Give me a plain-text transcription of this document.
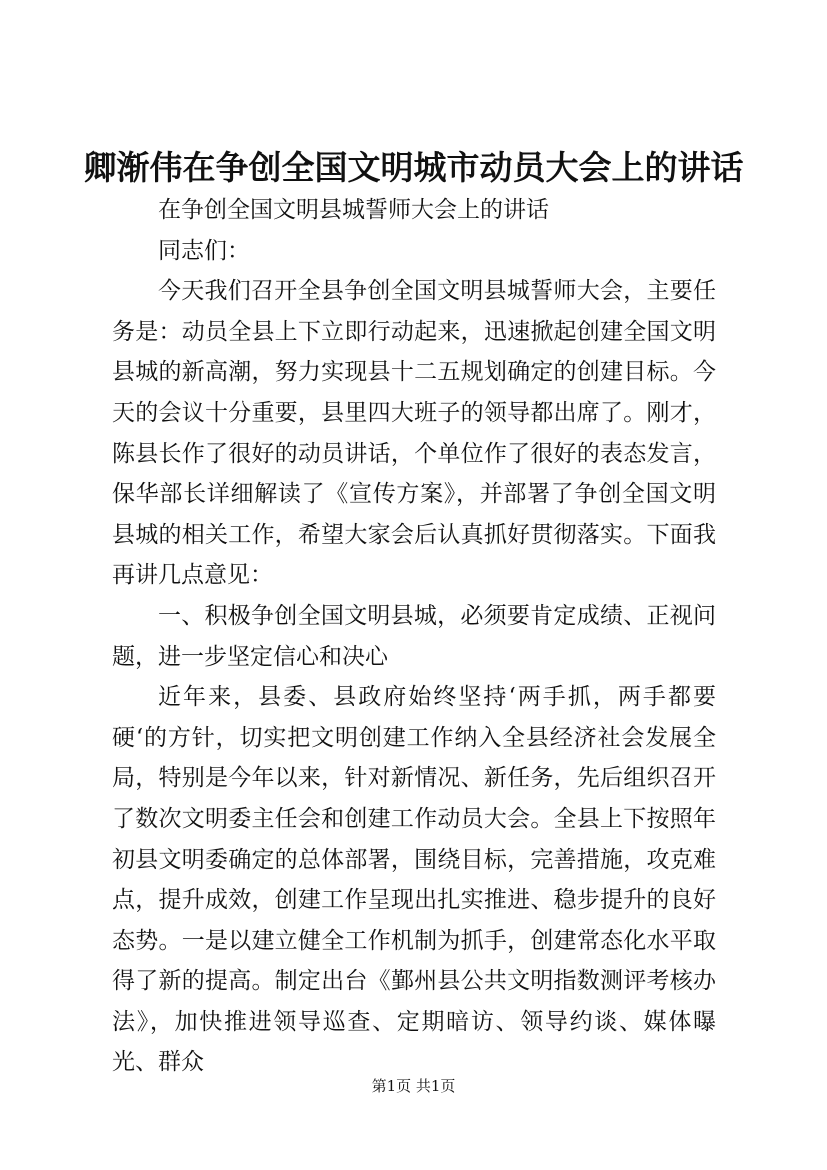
卿渐伟在争创全国文明城市动员大会上的讲话

在争创全国文明县城誓师大会上的讲话

同志们：

今天我们召开全县争创全国文明县城誓师大会，主要任务是：动员全县上下立即行动起来，迅速掀起创建全国文明县城的新高潮，努力实现县十二五规划确定的创建目标。今天的会议十分重要，县里四大班子的领导都出席了。刚才，陈县长作了很好的动员讲话，个单位作了很好的表态发言，保华部长详细解读了《宣传方案》，并部署了争创全国文明县城的相关工作，希望大家会后认真抓好贯彻落实。下面我再讲几点意见：

一、积极争创全国文明县城，必须要肯定成绩、正视问题，进一步坚定信心和决心

近年来，县委、县政府始终坚持‘两手抓，两手都要硬‘的方针，切实把文明创建工作纳入全县经济社会发展全局，特别是今年以来，针对新情况、新任务，先后组织召开了数次文明委主任会和创建工作动员大会。全县上下按照年初县文明委确定的总体部署，围绕目标，完善措施，攻克难点，提升成效，创建工作呈现出扎实推进、稳步提升的良好态势。一是以建立健全工作机制为抓手，创建常态化水平取得了新的提高。制定出台《鄞州县公共文明指数测评考核办法》，加快推进领导巡查、定期暗访、领导约谈、媒体曝光、群众

第1页 共1页
